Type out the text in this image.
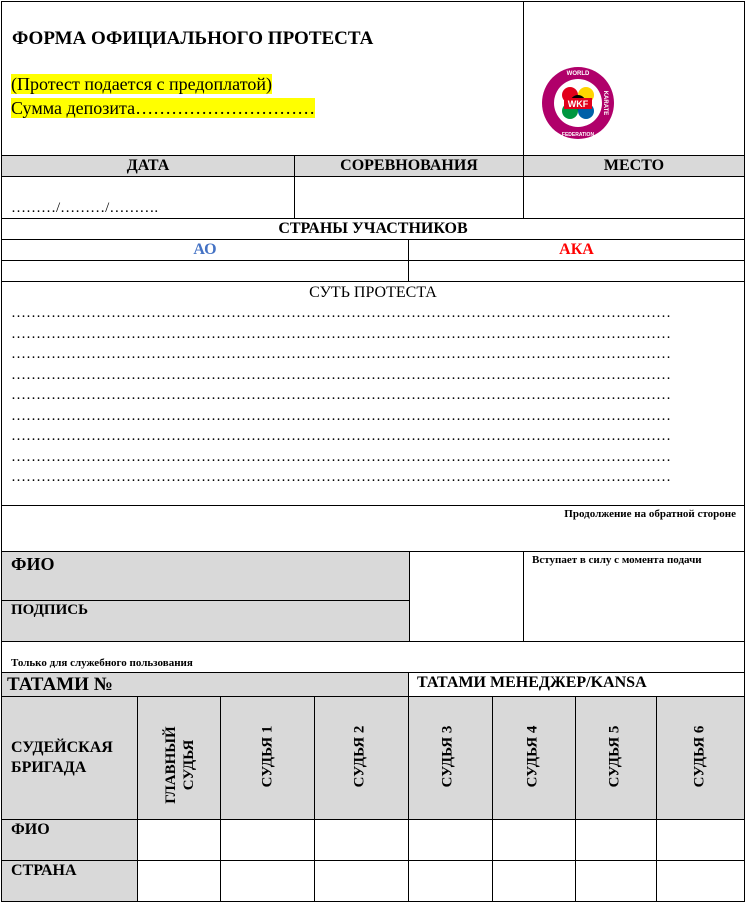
ФОРМА ОФИЦИАЛЬНОГО ПРОТЕСТА
(Протест подается с предоплатой)
Сумма депозита…………………………	WKF
WORLD
KARATE
FEDERATION
ДАТА	СОРЕВНОВАНИЯ	МЕСТО
………/………/……….
СТРАНЫ УЧАСТНИКОВ
АО	АКА
СУТЬ ПРОТЕСТА
……………………………………………………………………………………………………………………
……………………………………………………………………………………………………………………
……………………………………………………………………………………………………………………
……………………………………………………………………………………………………………………
……………………………………………………………………………………………………………………
……………………………………………………………………………………………………………………
……………………………………………………………………………………………………………………
……………………………………………………………………………………………………………………
……………………………………………………………………………………………………………………
Продолжение на обратной стороне
ФИО
ПОДПИСЬ
Вступает в силу с момента подачи
Только для служебного пользования
ТАТАМИ №	ТАТАМИ МЕНЕДЖЕР/KANSA
СУДЕЙСКАЯ
БРИГАДА	ГЛАВНЫЙ СУДЬЯ	СУДЬЯ 1	СУДЬЯ 2	СУДЬЯ 3	СУДЬЯ 4	СУДЬЯ 5	СУДЬЯ 6
ФИО
СТРАНА
